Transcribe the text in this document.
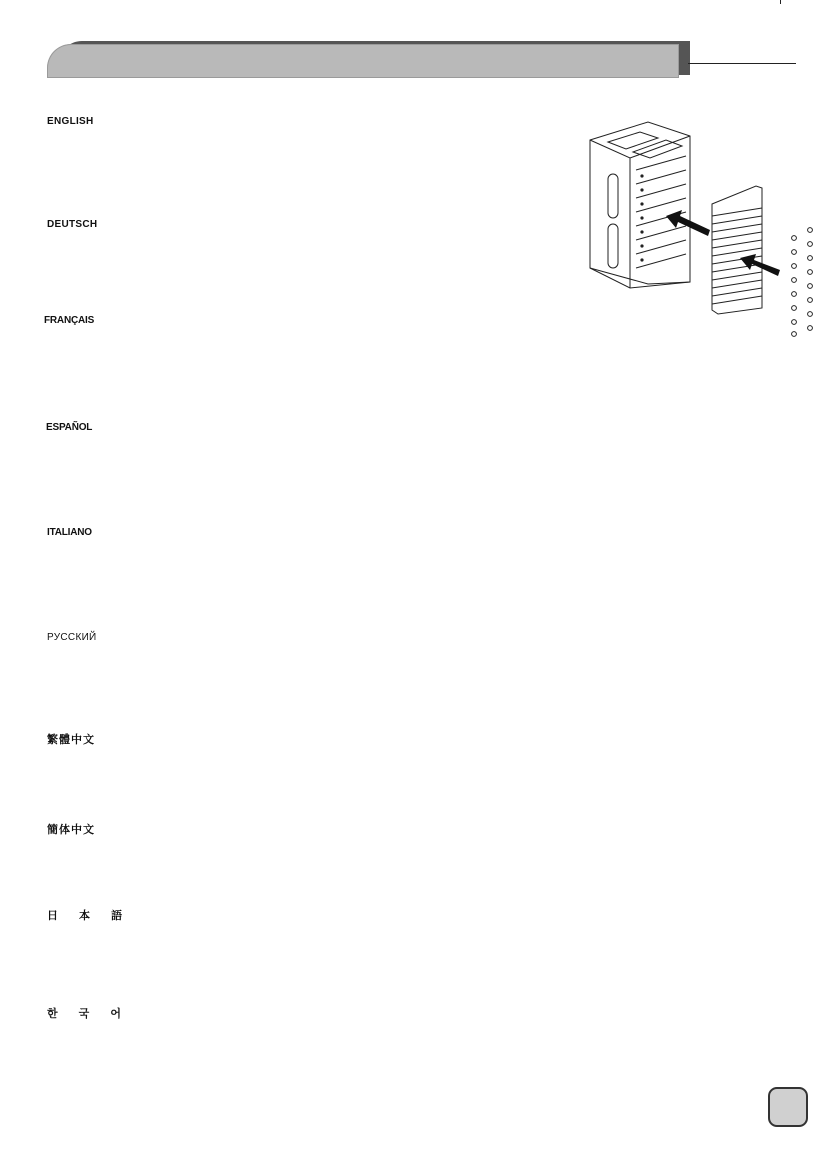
ENGLISH
DEUTSCH
FRANÇAIS
ESPAÑOL
ITALIANO
РУССКИЙ
繁體中文
簡体中文
日 本 語
한 국 어
